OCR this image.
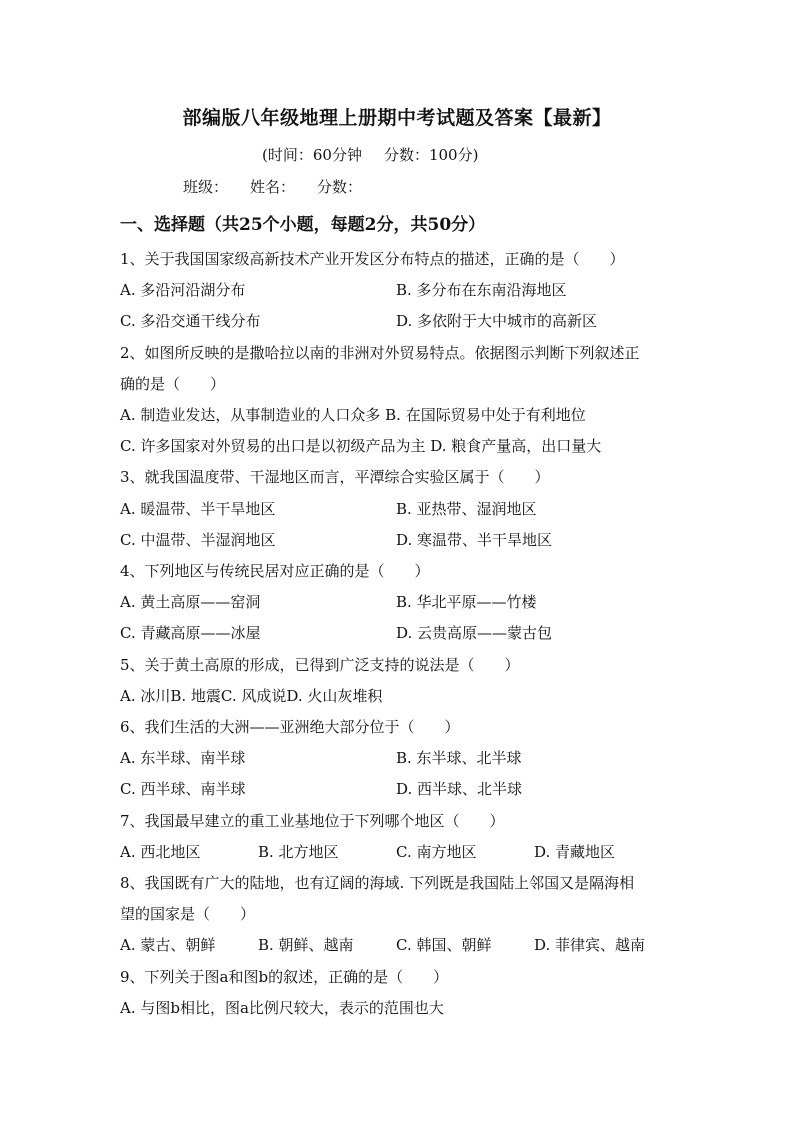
部编版八年级地理上册期中考试题及答案【最新】
(时间：60分钟 分数：100分)
班级： 姓名： 分数：
一、选择题（共25个小题，每题2分，共50分）
1、关于我国国家级高新技术产业开发区分布特点的描述，正确的是（　　）
A. 多沿河沿湖分布	B. 多分布在东南沿海地区
C. 多沿交通干线分布	D. 多依附于大中城市的高新区
2、如图所反映的是撒哈拉以南的非洲对外贸易特点。依据图示判断下列叙述正
确的是（　　）
A. 制造业发达，从事制造业的人口众多 B. 在国际贸易中处于有利地位
C. 许多国家对外贸易的出口是以初级产品为主 D. 粮食产量高，出口量大
3、就我国温度带、干湿地区而言，平潭综合实验区属于（　　）
A. 暖温带、半干旱地区	B. 亚热带、湿润地区
C. 中温带、半湿润地区	D. 寒温带、半干旱地区
4、下列地区与传统民居对应正确的是（　　）
A. 黄土高原——窑洞	B. 华北平原——竹楼
C. 青藏高原——冰屋	D. 云贵高原——蒙古包
5、关于黄土高原的形成，已得到广泛支持的说法是（　　）
A. 冰川B. 地震C. 风成说D. 火山灰堆积
6、我们生活的大洲——亚洲绝大部分位于（　　）
A. 东半球、南半球	B. 东半球、北半球
C. 西半球、南半球	D. 西半球、北半球
7、我国最早建立的重工业基地位于下列哪个地区（　　）
A. 西北地区	B. 北方地区	C. 南方地区	D. 青藏地区
8、我国既有广大的陆地，也有辽阔的海域. 下列既是我国陆上邻国又是隔海相
望的国家是（　　）
A. 蒙古、朝鲜	B. 朝鲜、越南	C. 韩国、朝鲜	D. 菲律宾、越南
9、下列关于图a和图b的叙述，正确的是（　　）
A. 与图b相比，图a比例尺较大，表示的范围也大
